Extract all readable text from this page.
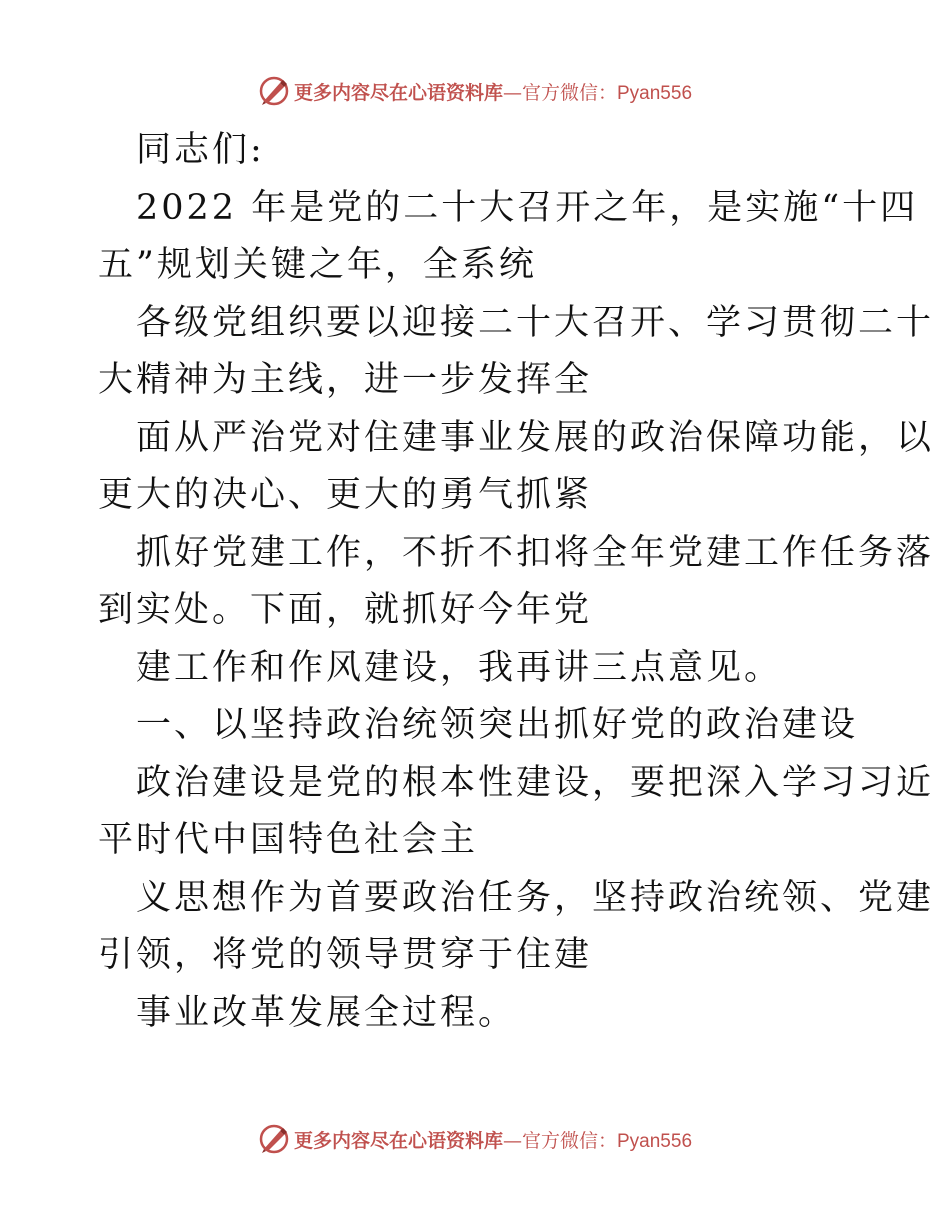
更多内容尽在心语资料库—官方微信：Pyan556
同志们:
2022 年是党的二十大召开之年，是实施“十四
五”规划关键之年，全系统
各级党组织要以迎接二十大召开、学习贯彻二十
大精神为主线，进一步发挥全
面从严治党对住建事业发展的政治保障功能，以
更大的决心、更大的勇气抓紧
抓好党建工作，不折不扣将全年党建工作任务落
到实处。下面，就抓好今年党
建工作和作风建设，我再讲三点意见。
一、以坚持政治统领突出抓好党的政治建设
政治建设是党的根本性建设，要把深入学习习近
平时代中国特色社会主
义思想作为首要政治任务，坚持政治统领、党建
引领，将党的领导贯穿于住建
事业改革发展全过程。
更多内容尽在心语资料库—官方微信：Pyan556
